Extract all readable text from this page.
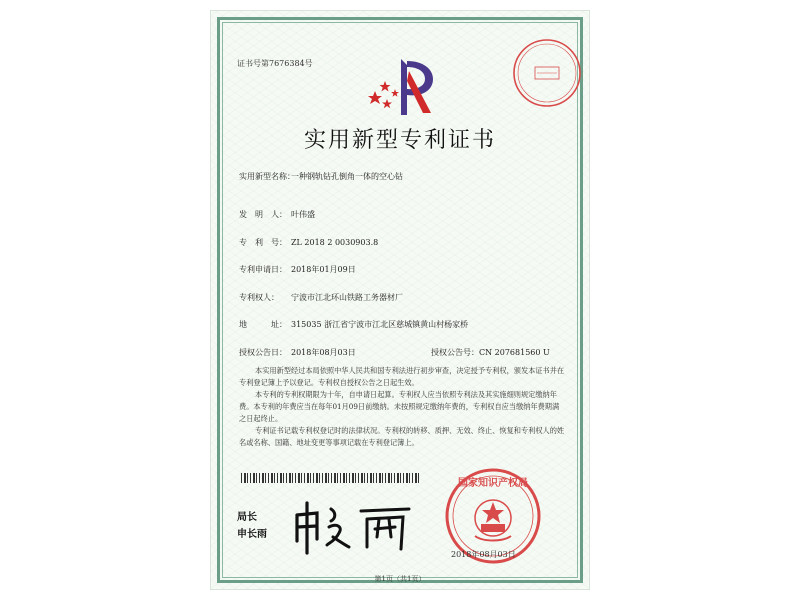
证书号第7676384号
实用新型专利证书
实用新型名称：一种钢轨钻孔倒角一体的空心钻
发　明　人： 叶伟盛
专　利　号： ZL 2018 2 0030903.8
专利申请日： 2018年01月09日
专利权人： 宁波市江北环山铁路工务器材厂
地　　　址： 315035 浙江省宁波市江北区慈城镇黄山村杨家桥
授权公告日： 2018年08月03日	授权公告号：CN 207681560 U

本实用新型经过本局依照中华人民共和国专利法进行初步审查，决定授予专利权，颁发本证书并在专利登记簿上予以登记。专利权自授权公告之日起生效。

本专利的专利权期限为十年，自申请日起算。专利权人应当依照专利法及其实施细则规定缴纳年费。本专利的年费应当在每年01月09日前缴纳。未按照规定缴纳年费的，专利权自应当缴纳年费期满之日起终止。

专利证书记载专利权登记时的法律状况。专利权的转移、质押、无效、终止、恢复和专利权人的姓名或名称、国籍、地址变更等事项记载在专利登记簿上。

局长
申长雨
国家知识产权局
2018年08月03日
第1页（共1页）
